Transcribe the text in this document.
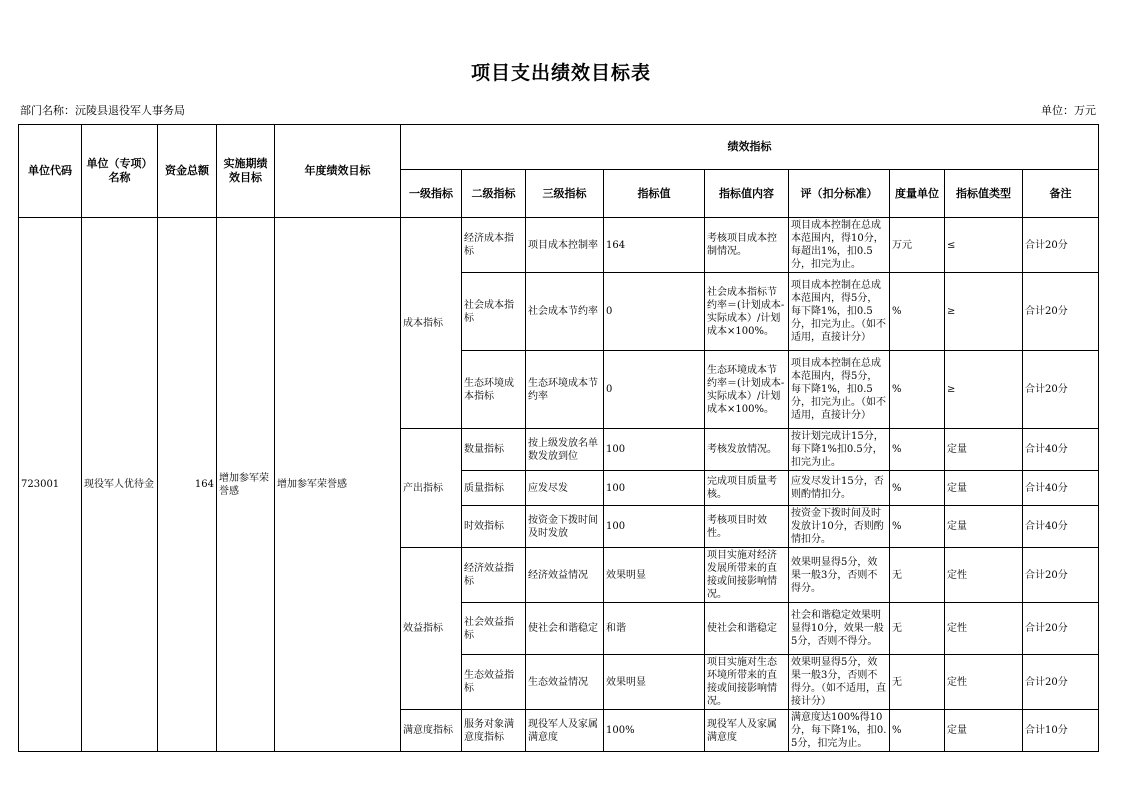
项目支出绩效目标表
部门名称：沅陵县退役军人事务局	单位：万元
单位代码	单位（专项）名称	资金总额	实施期绩效目标	年度绩效目标	绩效指标								
					一级指标	二级指标	三级指标	指标值	指标值内容	评（扣分标准）	度量单位	指标值类型	备注
723001	现役军人优待金	164	增加参军荣誉感	增加参军荣誉感	成本指标	经济成本指标	项目成本控制率	164	考核项目成本控制情况。	项目成本控制在总成本范围内，得10分，每超出1%，扣0.5分，扣完为止。	万元	≤	合计20分
						社会成本指标	社会成本节约率	0	社会成本指标节约率＝(计划成本-实际成本）/计划成本×100%。	项目成本控制在总成本范围内，得5分，每下降1%，扣0.5分，扣完为止。（如不适用，直接计分）	%	≥	合计20分
						生态环境成本指标	生态环境成本节约率	0	生态环境成本节约率＝(计划成本-实际成本）/计划成本×100%。	项目成本控制在总成本范围内，得5分，每下降1%，扣0.5分，扣完为止。（如不适用，直接计分）	%	≥	合计20分
					产出指标	数量指标	按上级发放名单数发放到位	100	考核发放情况。	按计划完成计15分，每下降1%扣0.5分，扣完为止。	%	定量	合计40分
						质量指标	应发尽发	100	完成项目质量考核。	应发尽发计15分，否则酌情扣分。	%	定量	合计40分
						时效指标	按资金下拨时间及时发放	100	考核项目时效性。	按资金下拨时间及时发放计10分，否则酌情扣分。	%	定量	合计40分
					效益指标	经济效益指标	经济效益情况	效果明显	项目实施对经济发展所带来的直接或间接影响情况。	效果明显得5分，效果一般3分，否则不得分。	无	定性	合计20分
						社会效益指标	使社会和谐稳定	和谐	使社会和谐稳定	社会和谐稳定效果明显得10分，效果一般5分，否则不得分。	无	定性	合计20分
						生态效益指标	生态效益情况	效果明显	项目实施对生态环境所带来的直接或间接影响情况。	效果明显得5分，效果一般3分，否则不得分。（如不适用，直接计分）	无	定性	合计20分
					满意度指标	服务对象满意度指标	现役军人及家属满意度	100%	现役军人及家属满意度	满意度达100%得10分，每下降1%，扣0.5分，扣完为止。	%	定量	合计10分
